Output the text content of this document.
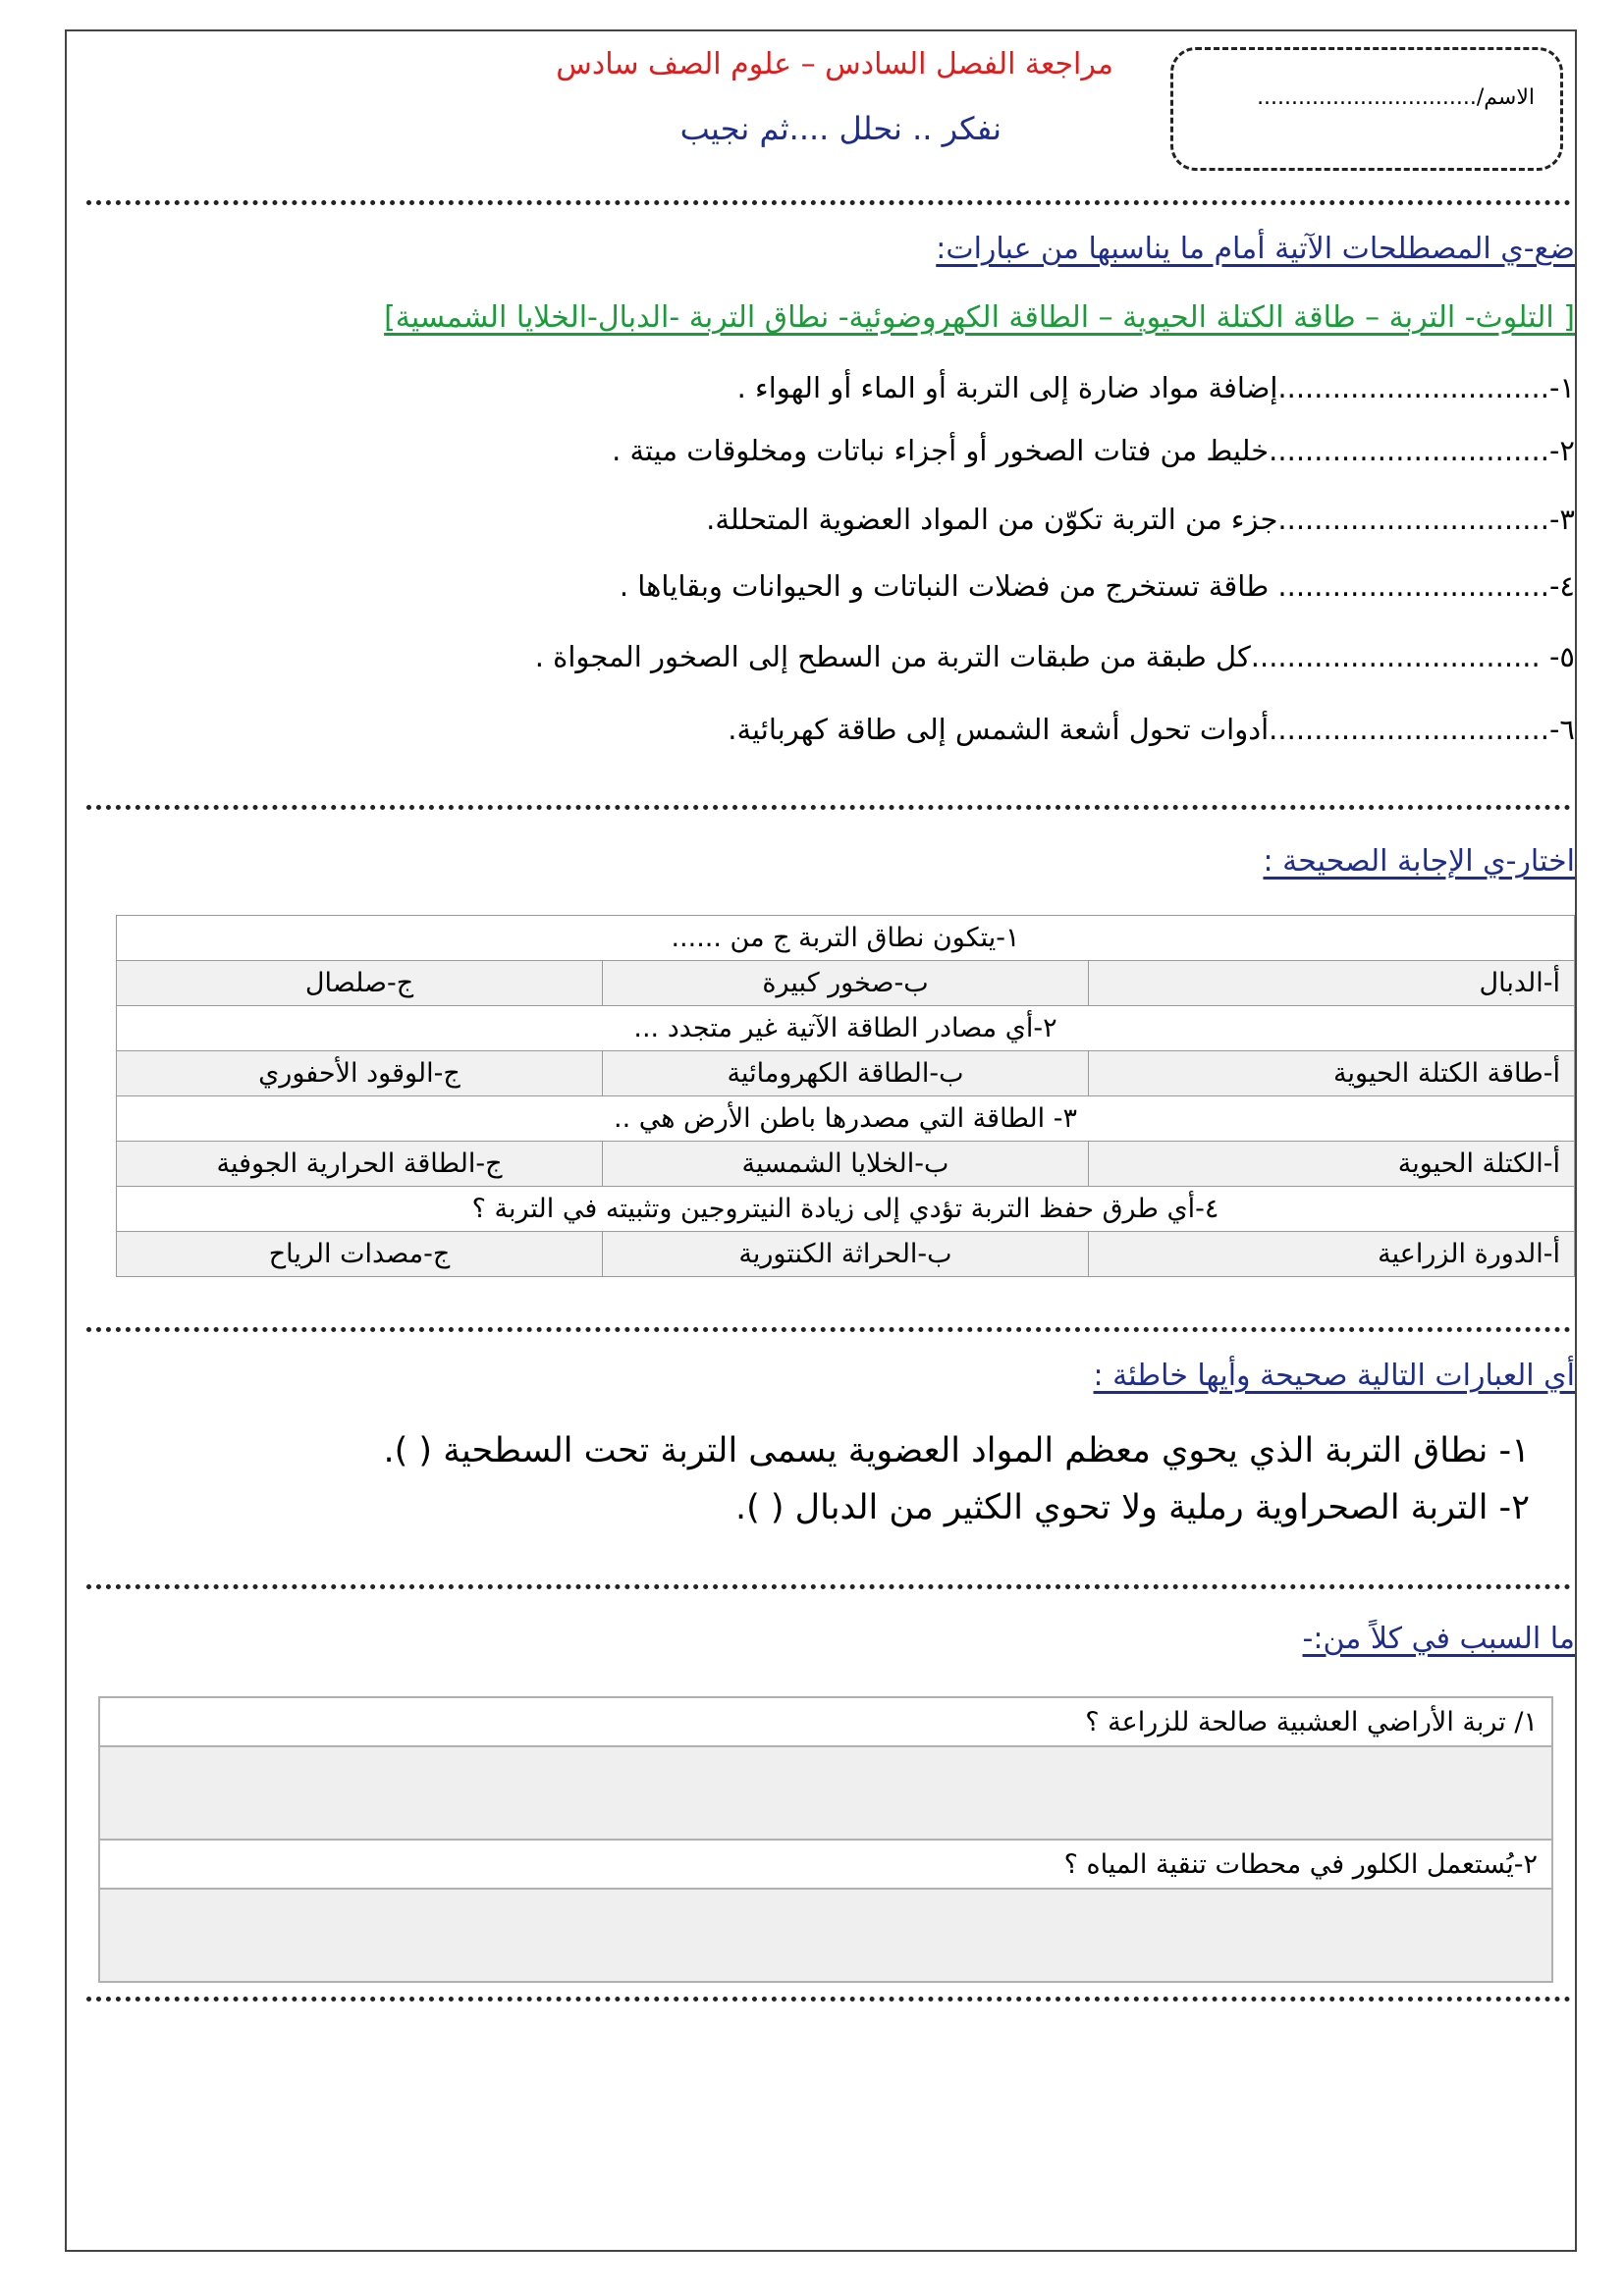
الاسم/................................
مراجعة الفصل السادس – علوم الصف سادس
نفكر .. نحلل ....ثم نجيب
ضع-ي المصطلحات الآتية أمام ما يناسبها من عبارات:
[ التلوث- التربة – طاقة الكتلة الحيوية – الطاقة الكهروضوئية- نطاق التربة -الدبال-الخلايا الشمسية]
١-..............................إضافة مواد ضارة إلى التربة أو الماء أو الهواء .
٢-...............................خليط من فتات الصخور أو أجزاء نباتات ومخلوقات ميتة .
٣-..............................جزء من التربة تكوّن من المواد العضوية المتحللة.
٤-.............................. طاقة تستخرج من فضلات النباتات و الحيوانات وبقاياها .
٥- ................................كل طبقة من طبقات التربة من السطح إلى الصخور المجواة .
٦-...............................أدوات تحول أشعة الشمس إلى طاقة كهربائية.
اختار-ي الإجابة الصحيحة :
١-يتكون نطاق التربة ج من ......		
أ-الدبال	ب-صخور كبيرة	ج-صلصال
٢-أي مصادر الطاقة الآتية غير متجدد ...		
أ-طاقة الكتلة الحيوية	ب-الطاقة الكهرومائية	ج-الوقود الأحفوري
٣- الطاقة التي مصدرها باطن الأرض هي ..		
أ-الكتلة الحيوية	ب-الخلايا الشمسية	ج-الطاقة الحرارية الجوفية
٤-أي طرق حفظ التربة تؤدي إلى زيادة النيتروجين وتثبيته في التربة ؟		
أ-الدورة الزراعية	ب-الحراثة الكنتورية	ج-مصدات الرياح
أي العبارات التالية صحيحة وأيها خاطئة :
١- نطاق التربة الذي يحوي معظم المواد العضوية يسمى التربة تحت السطحية ( ).
٢- التربة الصحراوية رملية ولا تحوي الكثير من الدبال ( ).
ما السبب في كلاً من:-
١/ تربة الأراضي العشبية صالحة للزراعة ؟

٢-يُستعمل الكلور في محطات تنقية المياه ؟
